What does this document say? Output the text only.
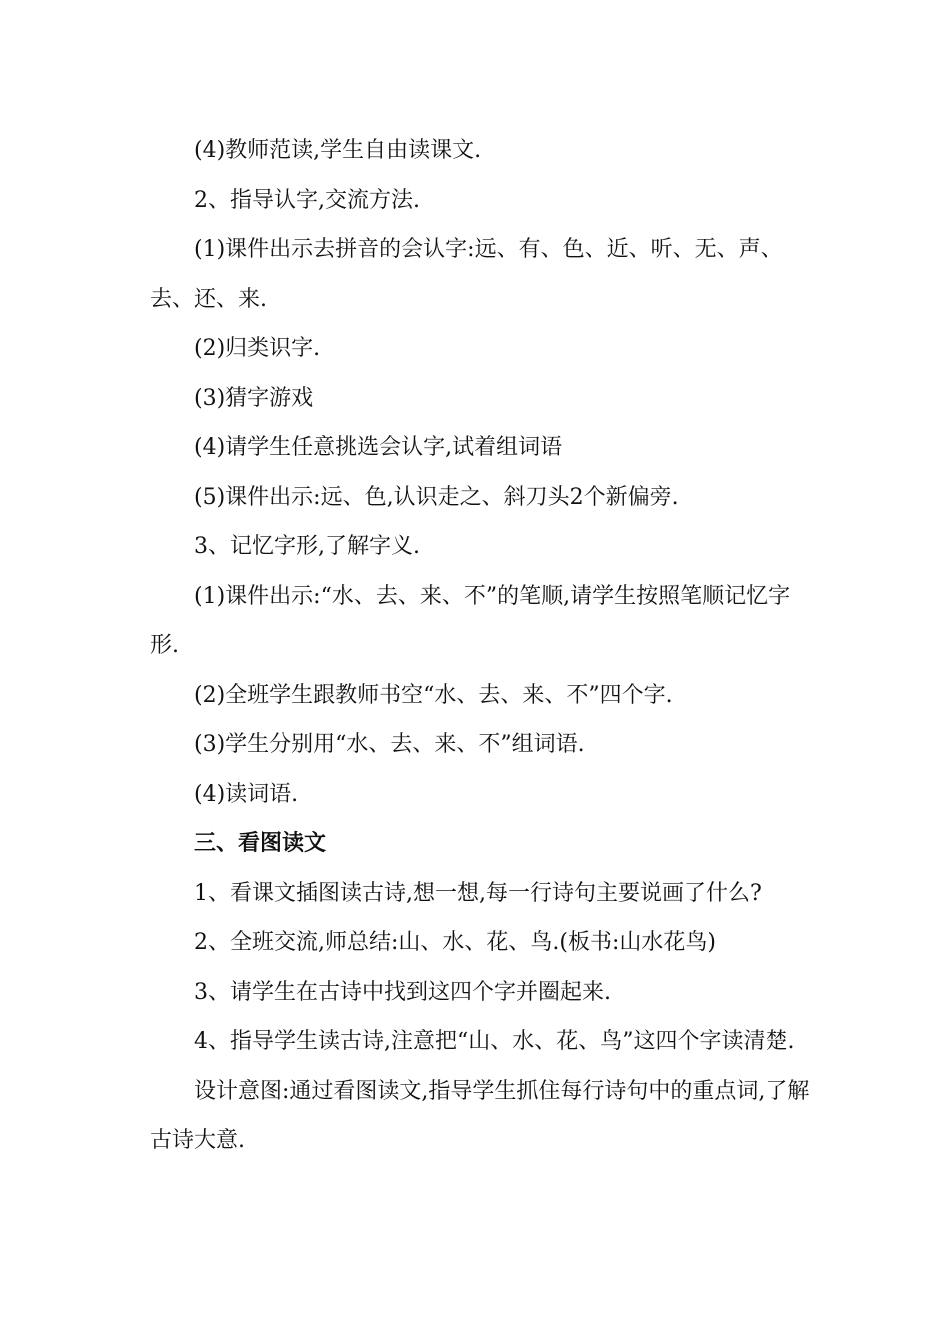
(4)教师范读,学生自由读课文.

2、指导认字,交流方法.

(1)课件出示去拼音的会认字:远、有、色、近、听、无、声、去、还、来.

(2)归类识字.

(3)猜字游戏

(4)请学生任意挑选会认字,试着组词语

(5)课件出示:远、色,认识走之、斜刀头2个新偏旁.

3、记忆字形,了解字义.

(1)课件出示:“水、去、来、不”的笔顺,请学生按照笔顺记忆字形.

(2)全班学生跟教师书空“水、去、来、不”四个字.

(3)学生分别用“水、去、来、不”组词语.

(4)读词语.

三、看图读文

1、看课文插图读古诗,想一想,每一行诗句主要说画了什么?

2、全班交流,师总结:山、水、花、鸟.(板书:山水花鸟)

3、请学生在古诗中找到这四个字并圈起来.

4、指导学生读古诗,注意把“山、水、花、鸟”这四个字读清楚.

设计意图:通过看图读文,指导学生抓住每行诗句中的重点词,了解古诗大意.
